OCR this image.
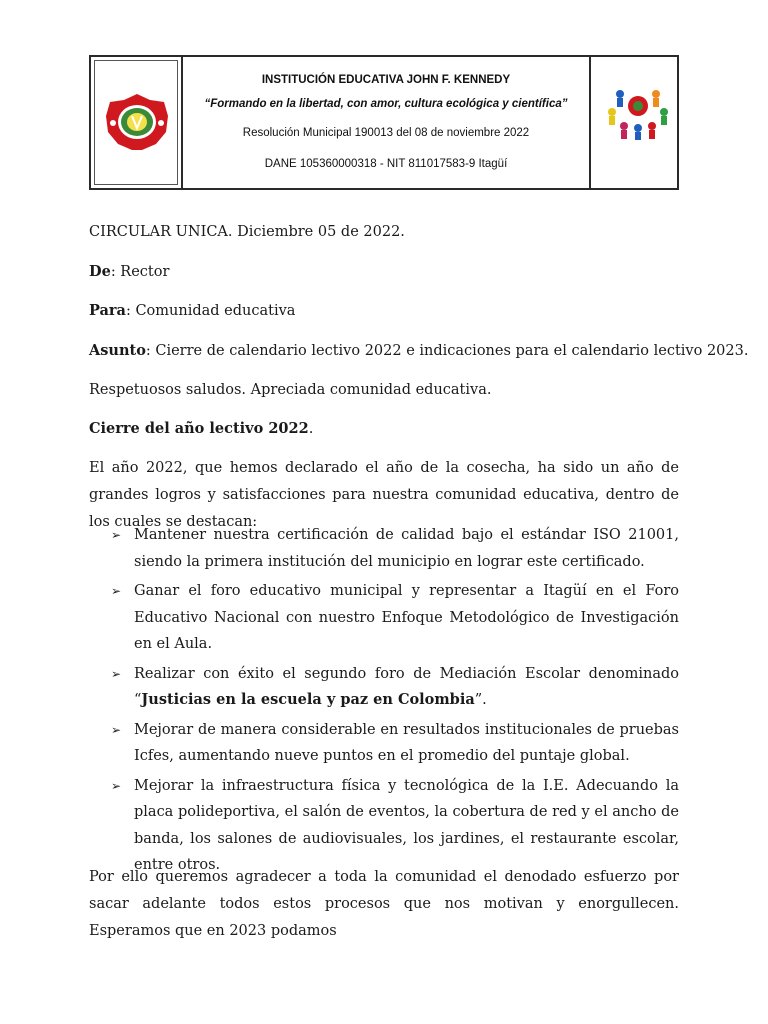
INSTITUCIÓN EDUCATIVA JOHN F. KENNEDY
“Formando en la libertad, con amor, cultura ecológica y científica”
Resolución Municipal 190013 del 08 de noviembre 2022
DANE 105360000318 - NIT 811017583-9 Itagüí
CIRCULAR UNICA. Diciembre 05 de 2022.
De: Rector
Para: Comunidad educativa
Asunto: Cierre de calendario lectivo 2022 e indicaciones para el calendario lectivo 2023.
Respetuosos saludos. Apreciada comunidad educativa.
Cierre del año lectivo 2022.
El año 2022, que hemos declarado el año de la cosecha, ha sido un año de grandes logros y satisfacciones para nuestra comunidad educativa, dentro de los cuales se destacan:
➢ Mantener nuestra certificación de calidad bajo el estándar ISO 21001, siendo la primera institución del municipio en lograr este certificado.
➢ Ganar el foro educativo municipal y representar a Itagüí en el Foro Educativo Nacional con nuestro Enfoque Metodológico de Investigación en el Aula.
➢ Realizar con éxito el segundo foro de Mediación Escolar denominado “Justicias en la escuela y paz en Colombia”.
➢ Mejorar de manera considerable en resultados institucionales de pruebas Icfes, aumentando nueve puntos en el promedio del puntaje global.
➢ Mejorar la infraestructura física y tecnológica de la I.E. Adecuando la placa polideportiva, el salón de eventos, la cobertura de red y el ancho de banda, los salones de audiovisuales, los jardines, el restaurante escolar, entre otros.
Por ello queremos agradecer a toda la comunidad el denodado esfuerzo por sacar adelante todos estos procesos que nos motivan y enorgullecen. Esperamos que en 2023 podamos
